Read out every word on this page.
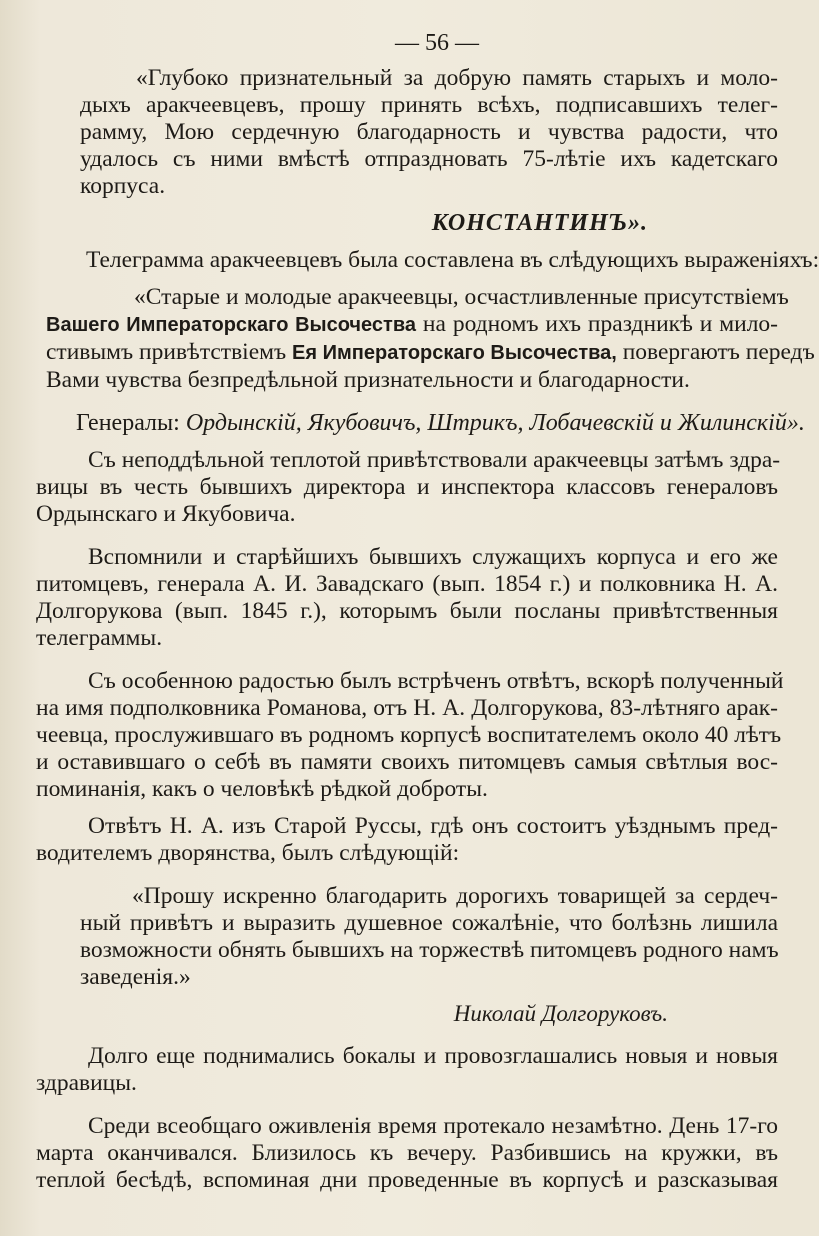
— 56 —
«Глубоко признательный за добрую память старыхъ и моло-
дыхъ аракчеевцевъ, прошу принять всѣхъ, подписавшихъ телег-
рамму, Мою сердечную благодарность и чувства радости, что
удалось съ ними вмѣстѣ отпраздновать 75-лѣтіе ихъ кадетскаго
корпуса.
КОНСТАНТИНЪ».
Телеграмма аракчеевцевъ была составлена въ слѣдующихъ выраженіяхъ:
«Старые и молодые аракчеевцы, осчастливленные присутствіемъ
Вашего Императорскаго Высочества на родномъ ихъ праздникѣ и мило-
стивымъ привѣтствіемъ Ея Императорскаго Высочества, повергаютъ передъ
Вами чувства безпредѣльной признательности и благодарности.
Генералы: Ордынскій, Якубовичъ, Штрикъ, Лобачевскій и Жилинскій».
Съ неподдѣльной теплотой привѣтствовали аракчеевцы затѣмъ здра-
вицы въ честь бывшихъ директора и инспектора классовъ генераловъ
Ордынскаго и Якубовича.
Вспомнили и старѣйшихъ бывшихъ служащихъ корпуса и его же
питомцевъ, генерала А. И. Завадскаго (вып. 1854 г.) и полковника Н. А.
Долгорукова (вып. 1845 г.), которымъ были посланы привѣтственныя
телеграммы.
Съ особенною радостью былъ встрѣченъ отвѣтъ, вскорѣ полученный
на имя подполковника Романова, отъ Н. А. Долгорукова, 83-лѣтняго арак-
чеевца, прослужившаго въ родномъ корпусѣ воспитателемъ около 40 лѣтъ
и оставившаго о себѣ въ памяти своихъ питомцевъ самыя свѣтлыя вос-
поминанія, какъ о человѣкѣ рѣдкой доброты.
Отвѣтъ Н. А. изъ Старой Руссы, гдѣ онъ состоитъ уѣзднымъ пред-
водителемъ дворянства, былъ слѣдующій:
«Прошу искренно благодарить дорогихъ товарищей за сердеч-
ный привѣтъ и выразить душевное сожалѣніе, что болѣзнь лишила
возможности обнять бывшихъ на торжествѣ питомцевъ родного намъ
заведенія.»
Николай Долгоруковъ.
Долго еще поднимались бокалы и провозглашались новыя и новыя
здравицы.
Среди всеобщаго оживленія время протекало незамѣтно. День 17-го
марта оканчивался. Близилось къ вечеру. Разбившись на кружки, въ
теплой бесѣдѣ, вспоминая дни проведенные въ корпусѣ и разсказывая
